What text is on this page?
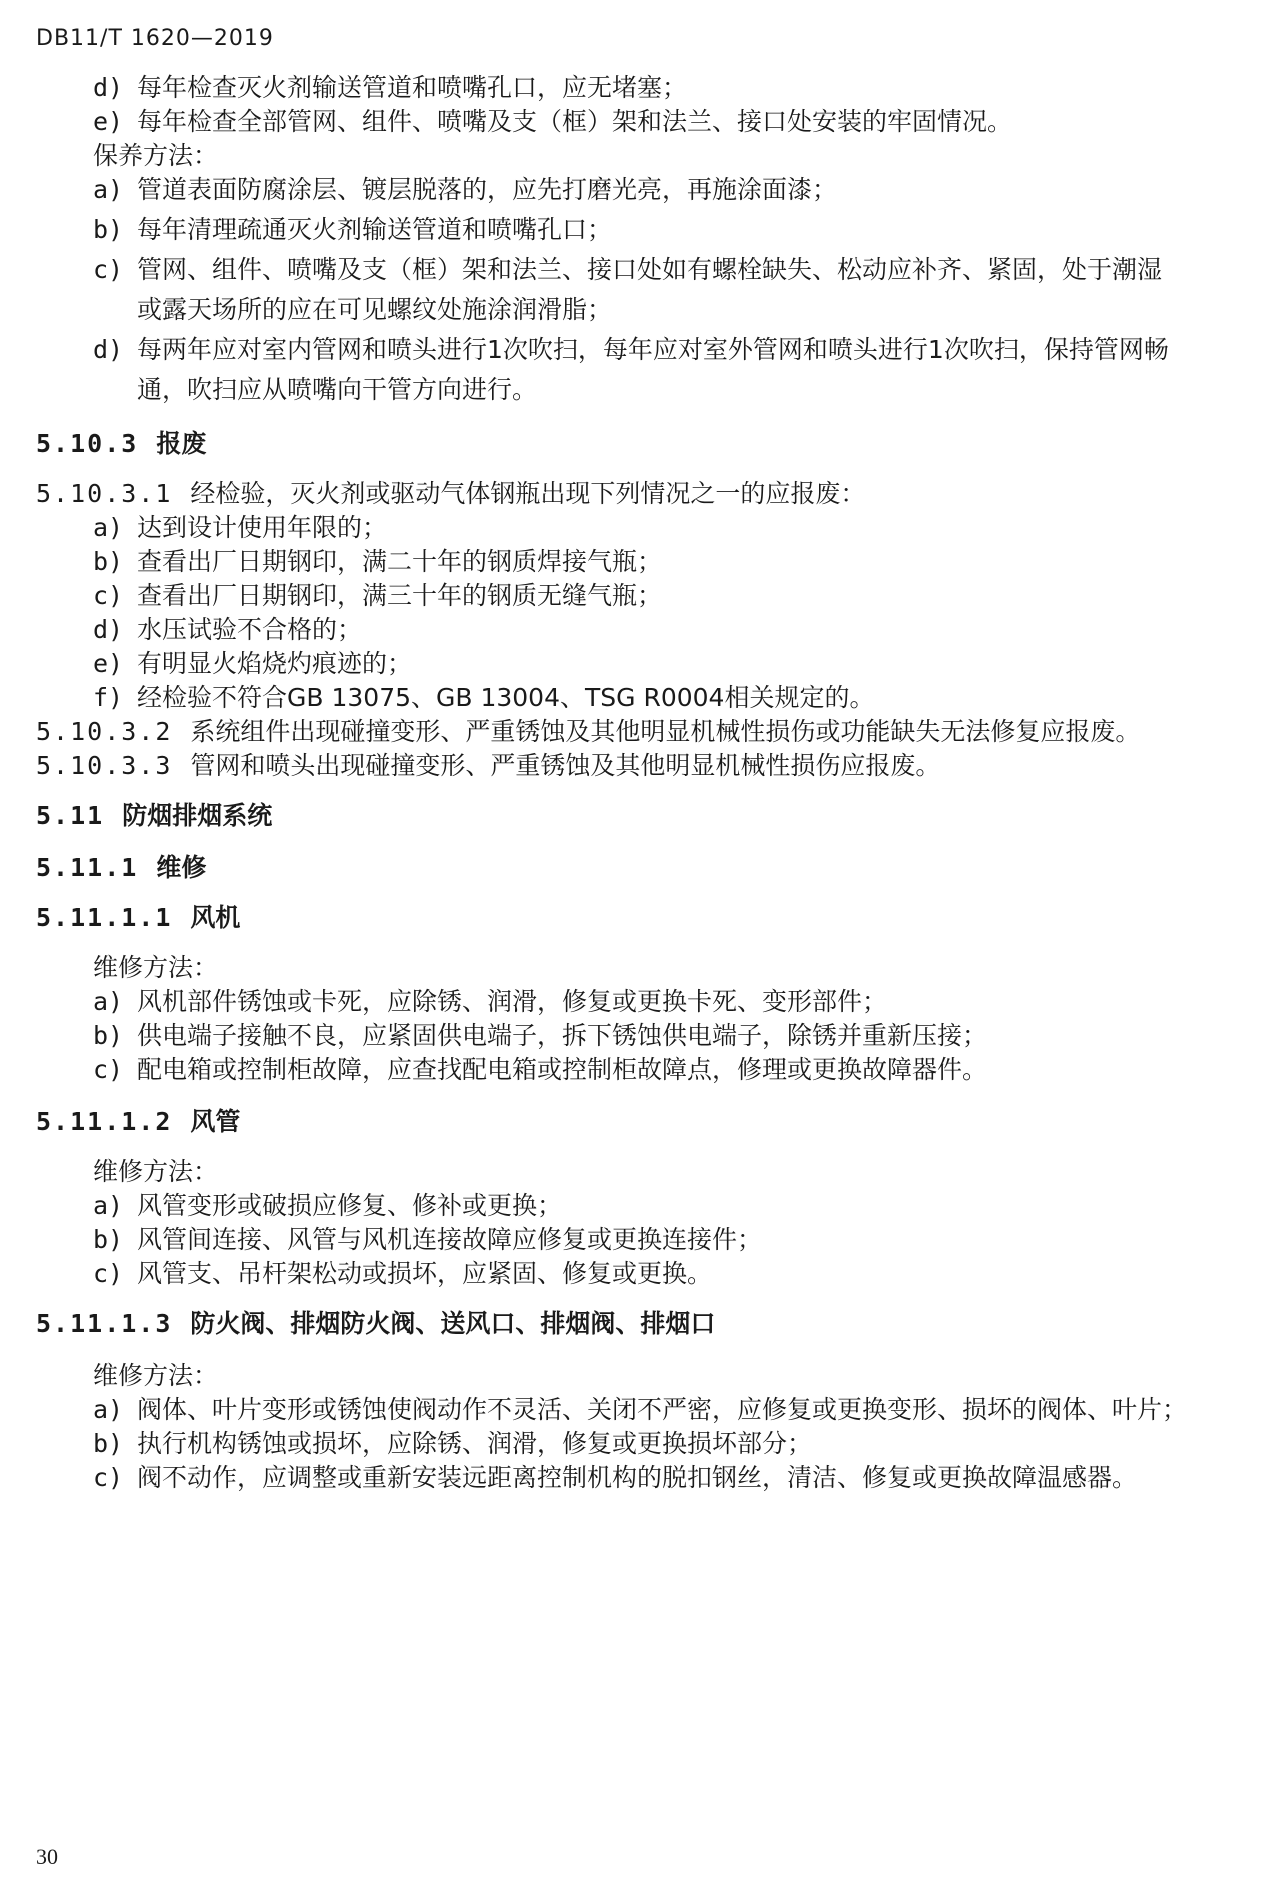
DB11/T 1620—2019
d) 每年检查灭火剂输送管道和喷嘴孔口，应无堵塞；
e) 每年检查全部管网、组件、喷嘴及支（框）架和法兰、接口处安装的牢固情况。
保养方法：
a) 管道表面防腐涂层、镀层脱落的，应先打磨光亮，再施涂面漆；
b) 每年清理疏通灭火剂输送管道和喷嘴孔口；
c) 管网、组件、喷嘴及支（框）架和法兰、接口处如有螺栓缺失、松动应补齐、紧固，处于潮湿
或露天场所的应在可见螺纹处施涂润滑脂；
d) 每两年应对室内管网和喷头进行1次吹扫，每年应对室外管网和喷头进行1次吹扫，保持管网畅
通，吹扫应从喷嘴向干管方向进行。
5.10.3 报废
5.10.3.1 经检验，灭火剂或驱动气体钢瓶出现下列情况之一的应报废：
a) 达到设计使用年限的；
b) 查看出厂日期钢印，满二十年的钢质焊接气瓶；
c) 查看出厂日期钢印，满三十年的钢质无缝气瓶；
d) 水压试验不合格的；
e) 有明显火焰烧灼痕迹的；
f) 经检验不符合GB 13075、GB 13004、TSG R0004相关规定的。
5.10.3.2 系统组件出现碰撞变形、严重锈蚀及其他明显机械性损伤或功能缺失无法修复应报废。
5.10.3.3 管网和喷头出现碰撞变形、严重锈蚀及其他明显机械性损伤应报废。
5.11 防烟排烟系统
5.11.1 维修
5.11.1.1 风机
维修方法：
a) 风机部件锈蚀或卡死，应除锈、润滑，修复或更换卡死、变形部件；
b) 供电端子接触不良，应紧固供电端子，拆下锈蚀供电端子，除锈并重新压接；
c) 配电箱或控制柜故障，应查找配电箱或控制柜故障点，修理或更换故障器件。
5.11.1.2 风管
维修方法：
a) 风管变形或破损应修复、修补或更换；
b) 风管间连接、风管与风机连接故障应修复或更换连接件；
c) 风管支、吊杆架松动或损坏，应紧固、修复或更换。
5.11.1.3 防火阀、排烟防火阀、送风口、排烟阀、排烟口
维修方法：
a) 阀体、叶片变形或锈蚀使阀动作不灵活、关闭不严密，应修复或更换变形、损坏的阀体、叶片；
b) 执行机构锈蚀或损坏，应除锈、润滑，修复或更换损坏部分；
c) 阀不动作，应调整或重新安装远距离控制机构的脱扣钢丝，清洁、修复或更换故障温感器。
30
